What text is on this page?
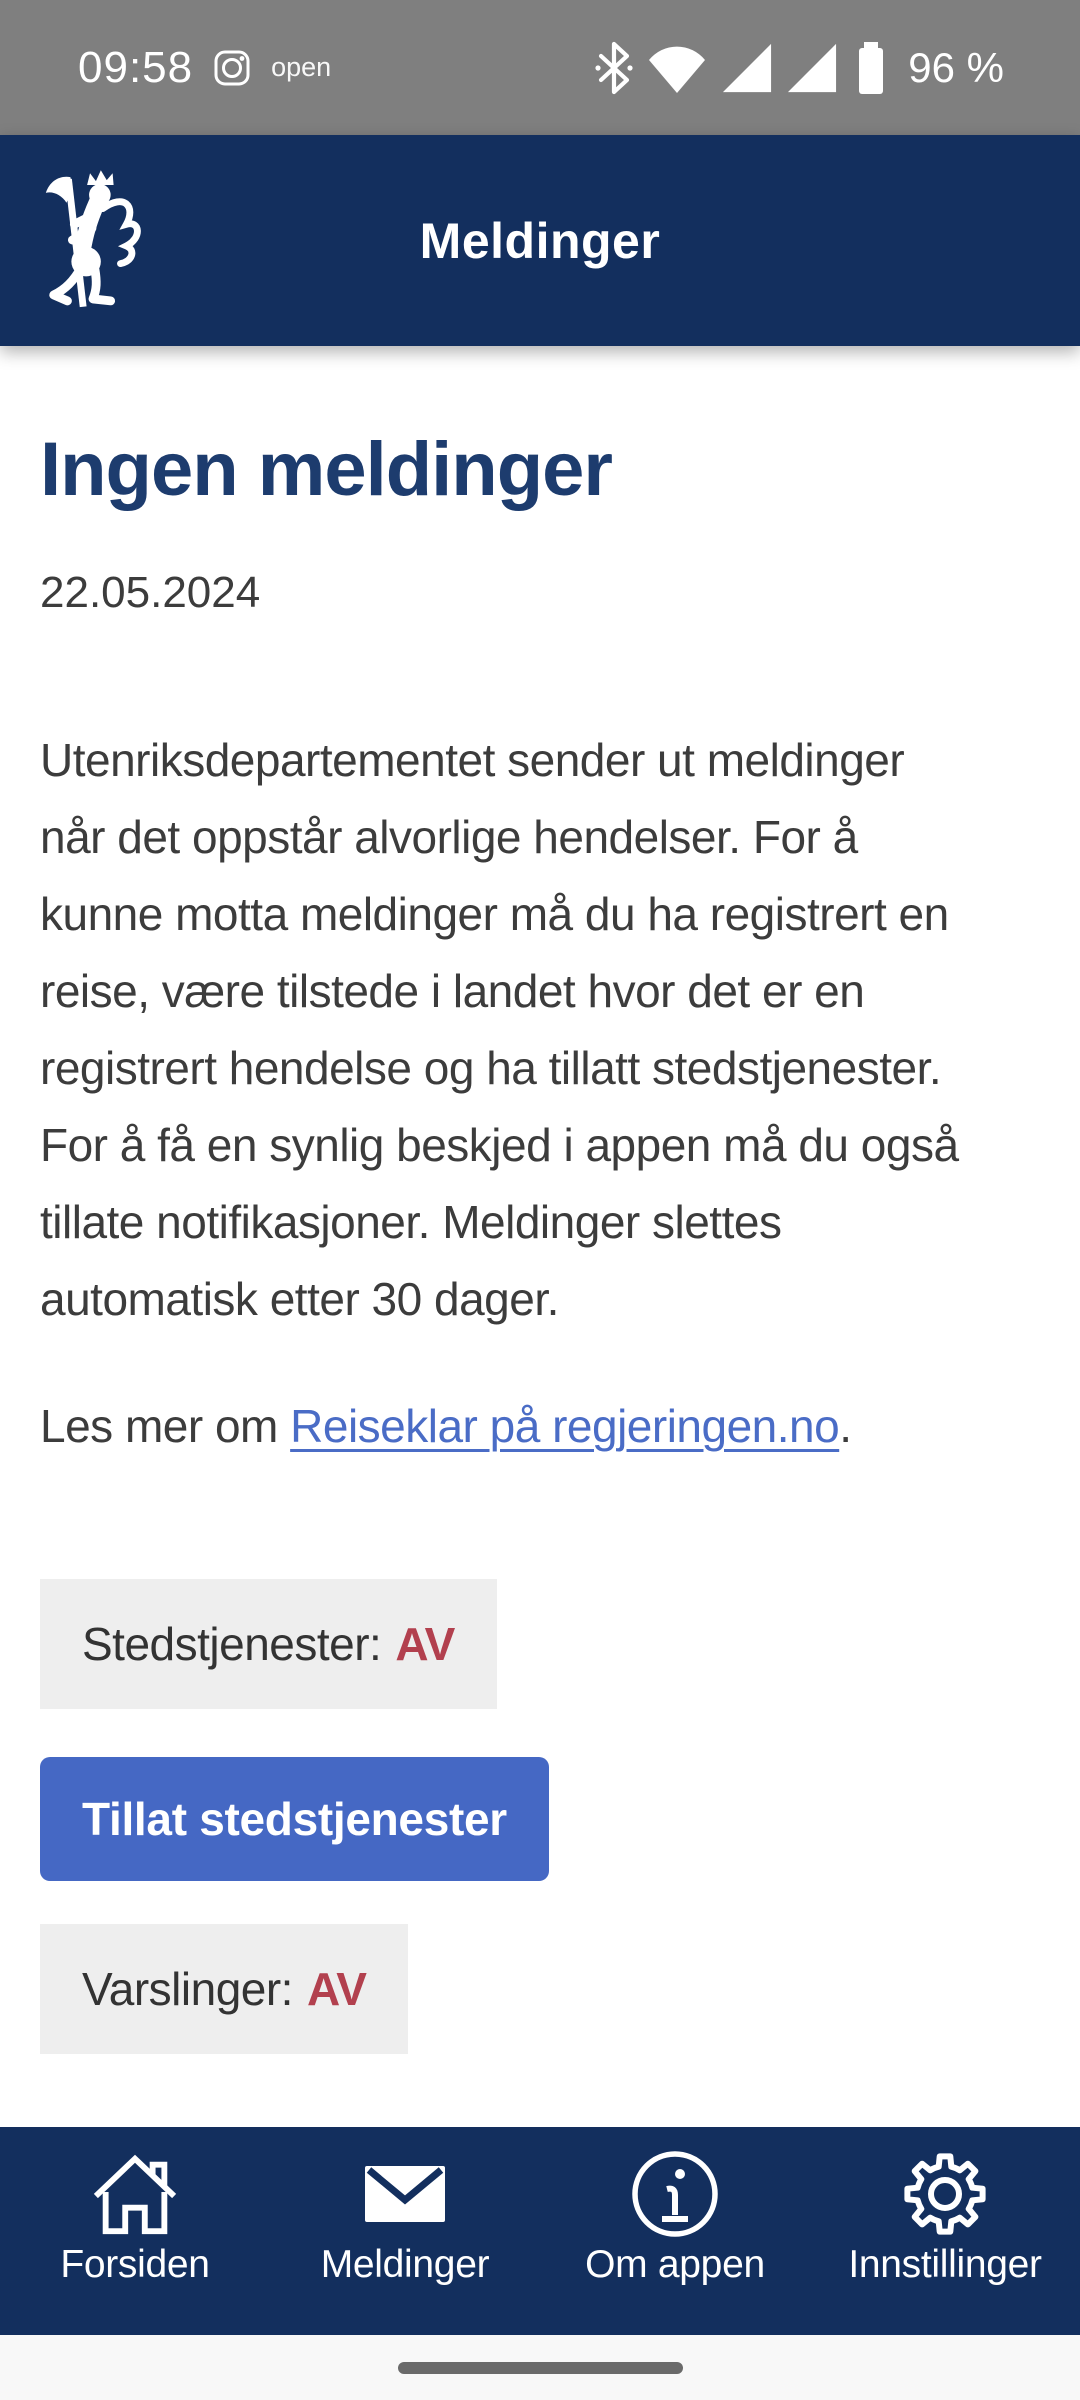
09:58	open	96 %
Meldinger
Ingen meldinger
22.05.2024

Utenriksdepartementet sender ut meldinger når det oppstår alvorlige hendelser. For å kunne motta meldinger må du ha registrert en reise, være tilstede i landet hvor det er en registrert hendelse og ha tillatt stedstjenester. For å få en synlig beskjed i appen må du også tillate notifikasjoner. Meldinger slettes automatisk etter 30 dager.

Les mer om Reiseklar på regjeringen.no.

Stedstjenester: AV
Tillat stedstjenester
Varslinger: AV
Forsiden	Meldinger Om appen Innstillinger
